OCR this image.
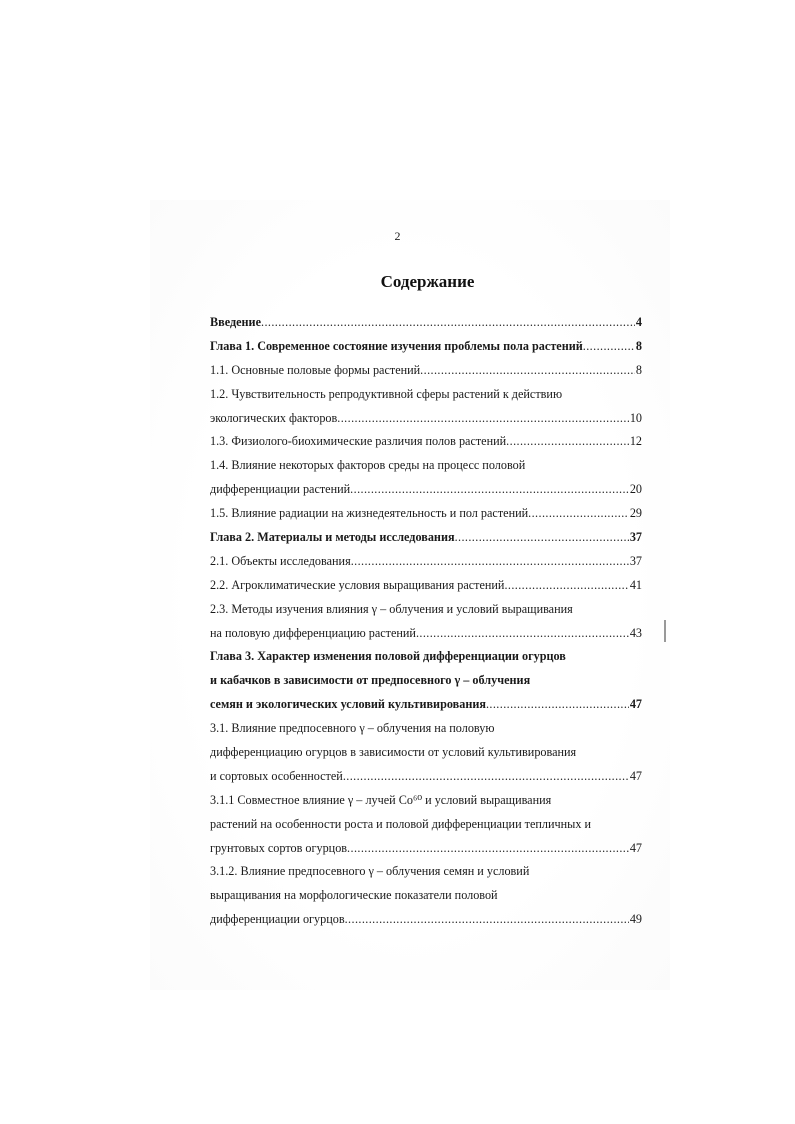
2
Содержание
Введение .....	4
Глава 1. Современное состояние изучения проблемы пола растений .....	8
1.1. Основные половые формы растений .....	8
1.2. Чувствительность репродуктивной сферы растений к действию
экологических факторов .....	10
1.3. Физиолого-биохимические различия полов растений .....	12
1.4. Влияние некоторых факторов среды на процесс половой
дифференциации растений .....	20
1.5. Влияние радиации на жизнедеятельность и пол растений .....	29
Глава 2. Материалы и методы исследования .....	37
2.1. Объекты исследования .....	37
2.2. Агроклиматические условия выращивания растений .....	41
2.3. Методы изучения влияния γ – облучения и условий выращивания
на половую дифференциацию растений .....	43
Глава 3. Характер изменения половой дифференциации огурцов
и кабачков в зависимости от предпосевного γ – облучения
семян и экологических условий культивирования .....	47
3.1. Влияние предпосевного γ – облучения на половую
дифференциацию огурцов в зависимости от условий культивирования
и сортовых особенностей .....	47
3.1.1 Совместное влияние γ – лучей Co⁶⁰ и условий выращивания
растений на особенности роста и половой дифференциации тепличных и
грунтовых сортов огурцов .....	47
3.1.2. Влияние предпосевного γ – облучения семян и условий
выращивания на морфологические показатели половой
дифференциации огурцов .....	49
